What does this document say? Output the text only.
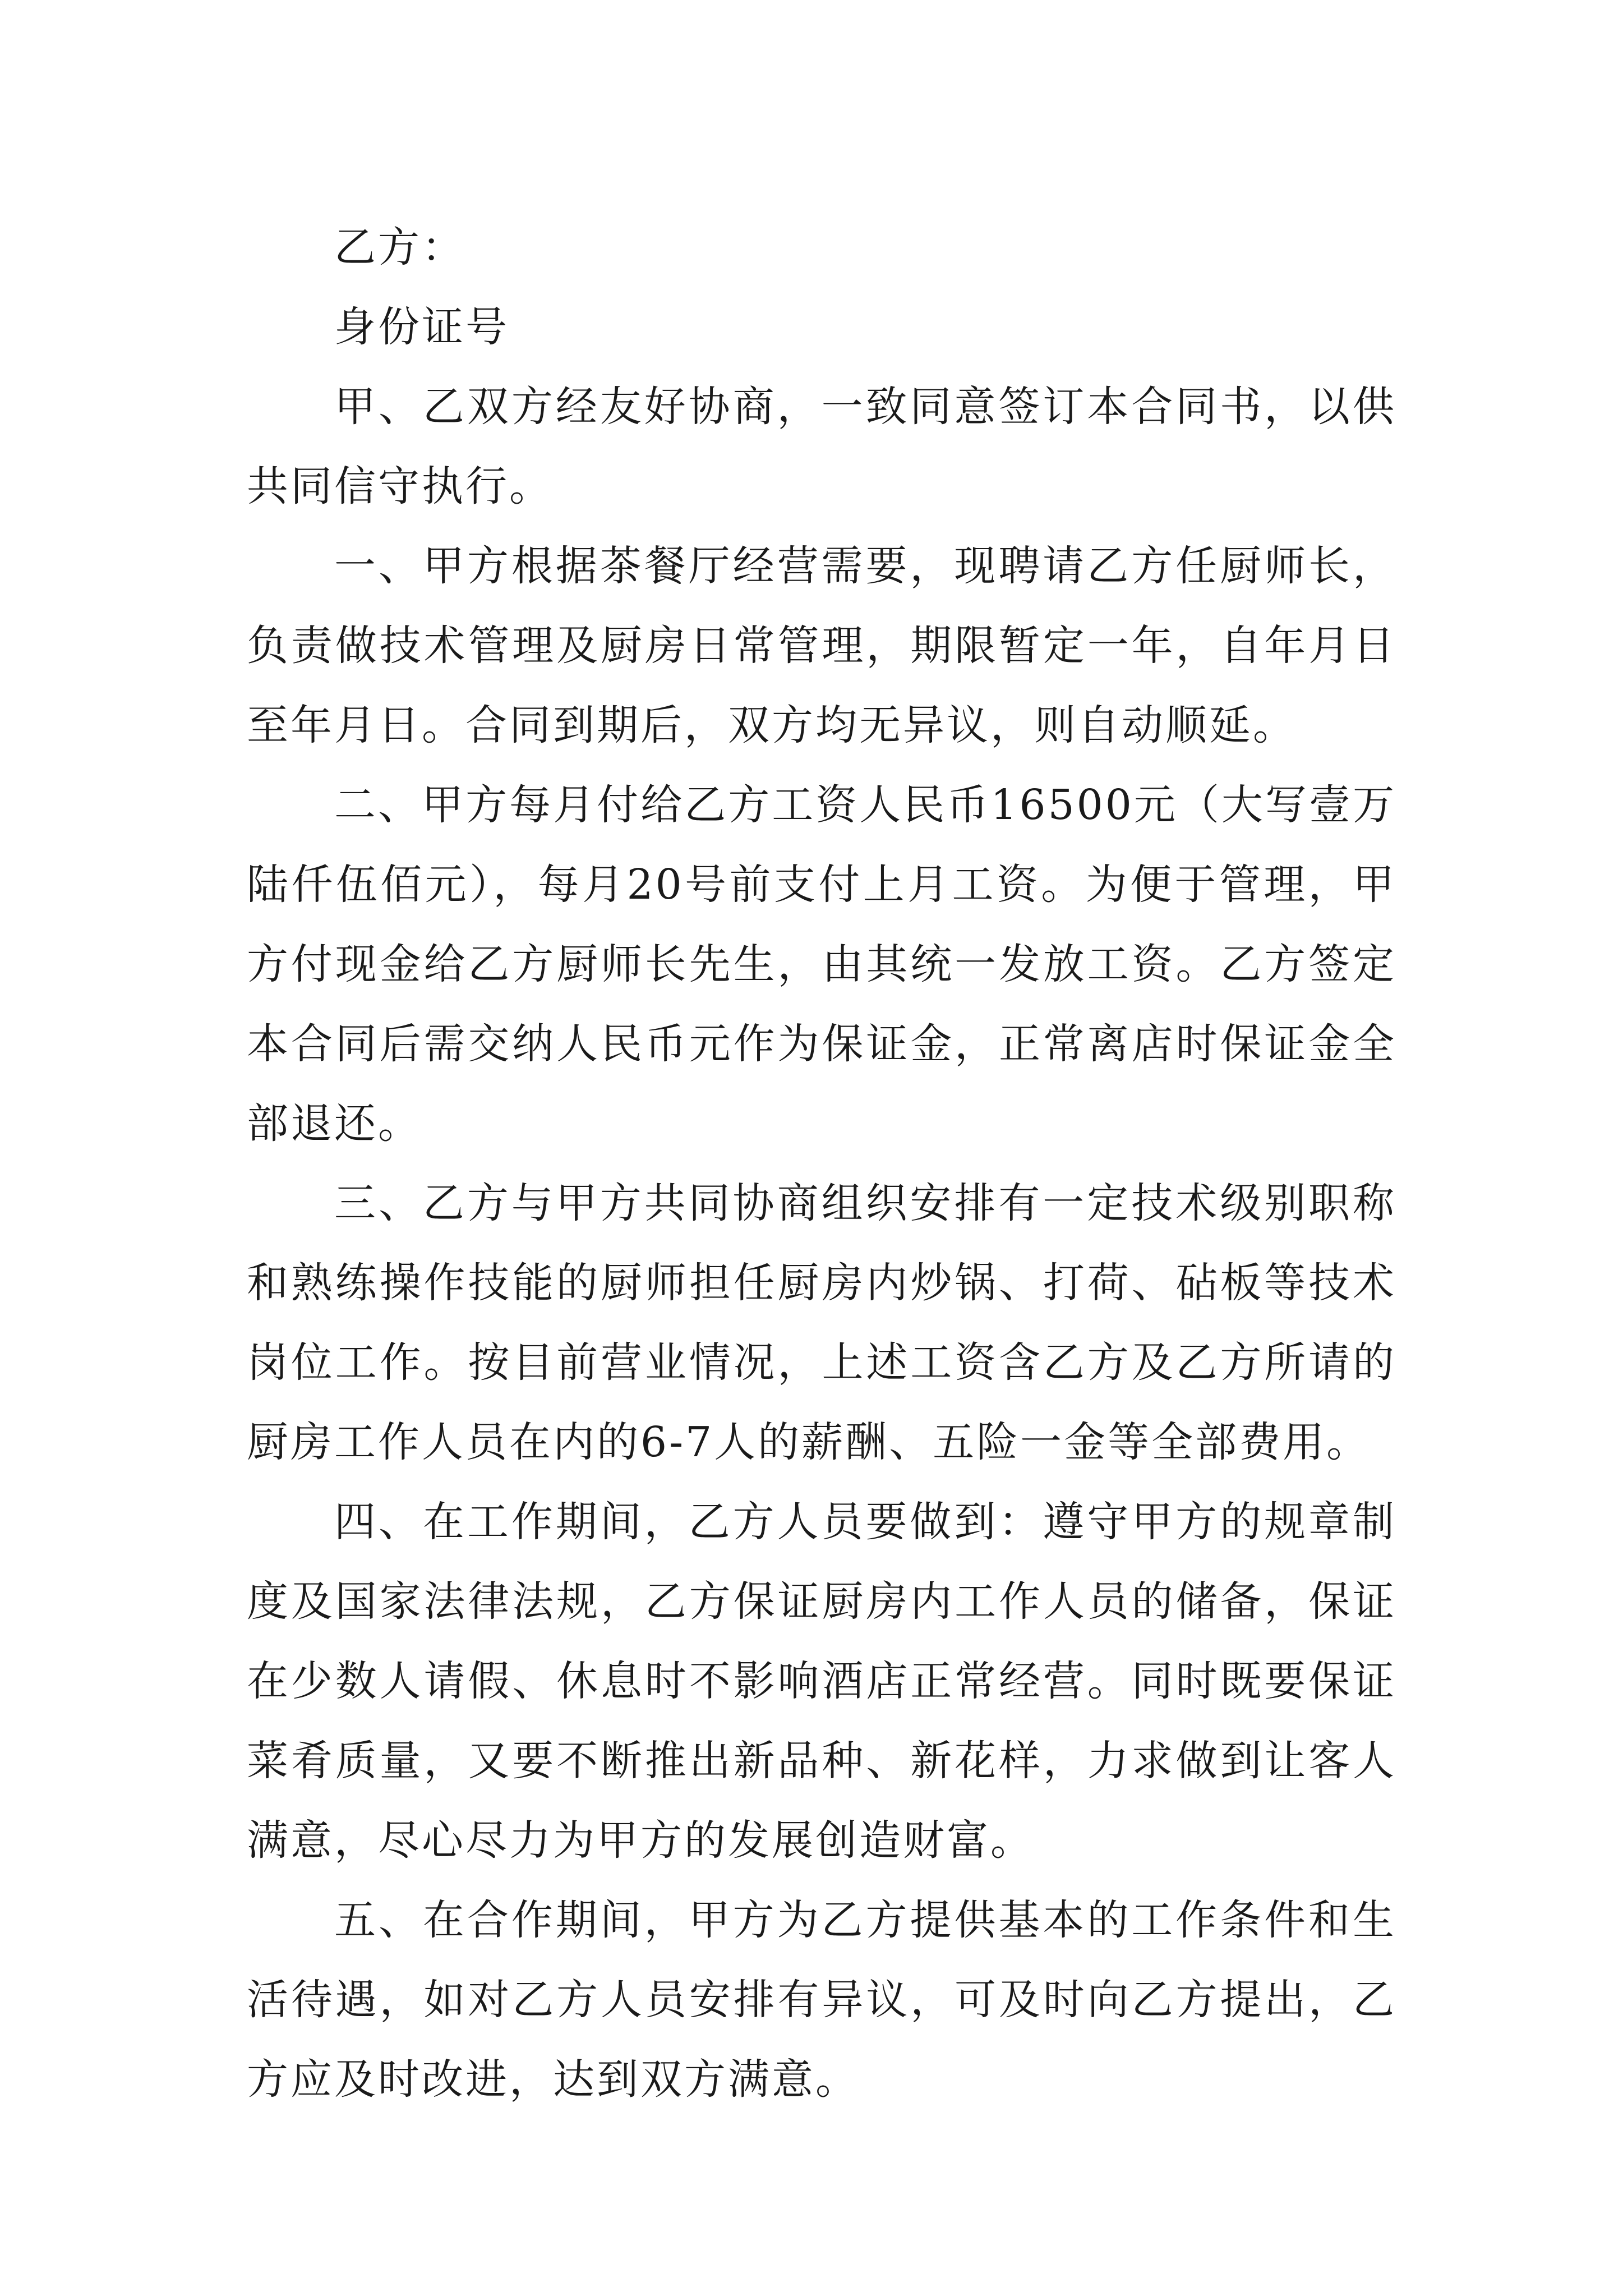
乙方：

身份证号

甲、乙双方经友好协商，一致同意签订本合同书，以供共同信守执行。

一、甲方根据茶餐厅经营需要，现聘请乙方任厨师长，负责做技术管理及厨房日常管理，期限暂定一年，自年月日至年月日。合同到期后，双方均无异议，则自动顺延。

二、甲方每月付给乙方工资人民币16500元（大写壹万陆仟伍佰元），每月20号前支付上月工资。为便于管理，甲方付现金给乙方厨师长先生，由其统一发放工资。乙方签定本合同后需交纳人民币元作为保证金，正常离店时保证金全部退还。

三、乙方与甲方共同协商组织安排有一定技术级别职称和熟练操作技能的厨师担任厨房内炒锅、打荷、砧板等技术岗位工作。按目前营业情况，上述工资含乙方及乙方所请的厨房工作人员在内的6-7人的薪酬、五险一金等全部费用。

四、在工作期间，乙方人员要做到：遵守甲方的规章制度及国家法律法规，乙方保证厨房内工作人员的储备，保证在少数人请假、休息时不影响酒店正常经营。同时既要保证菜肴质量，又要不断推出新品种、新花样，力求做到让客人满意，尽心尽力为甲方的发展创造财富。

五、在合作期间，甲方为乙方提供基本的工作条件和生活待遇，如对乙方人员安排有异议，可及时向乙方提出，乙方应及时改进，达到双方满意。
